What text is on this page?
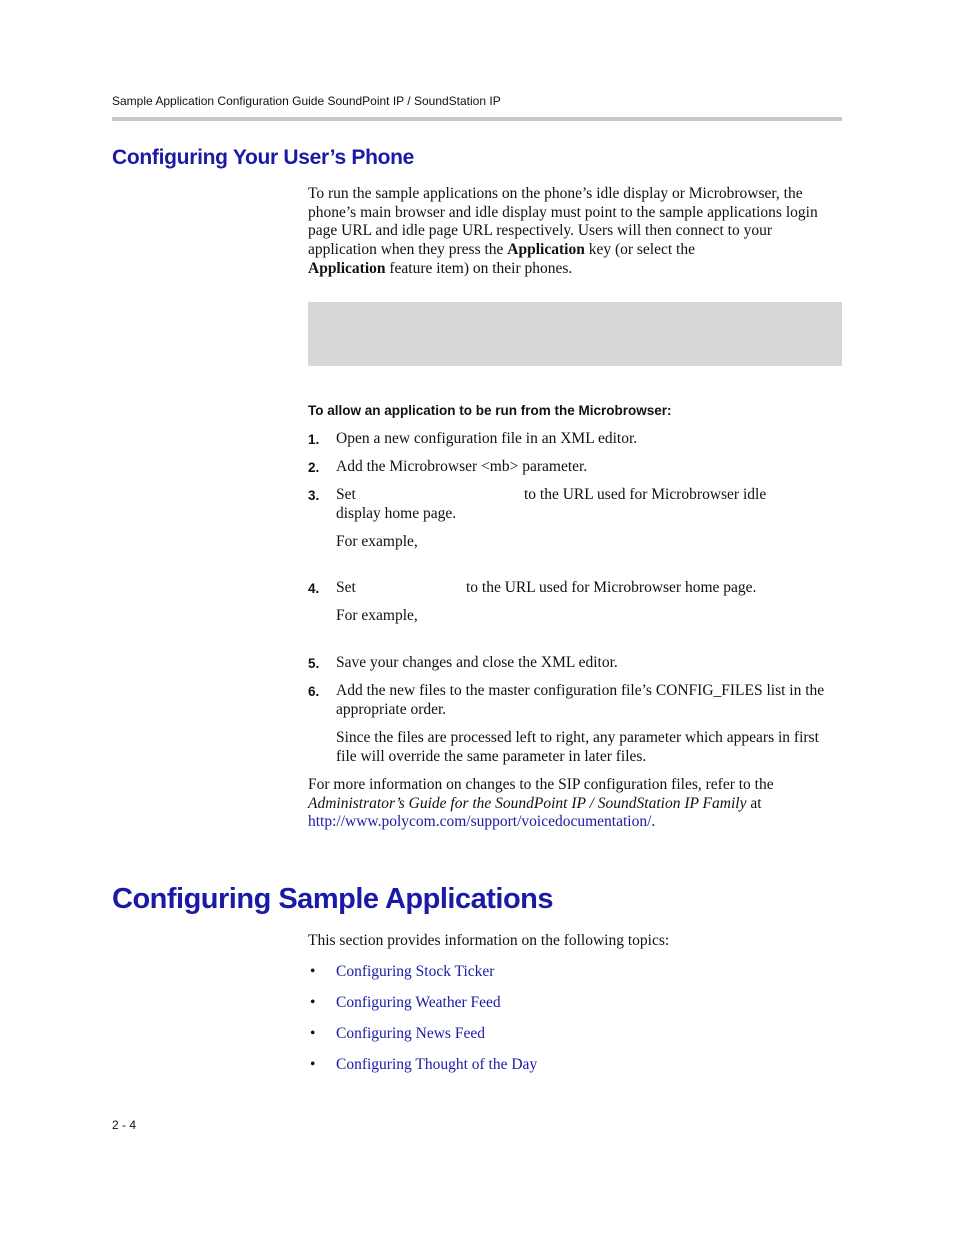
Sample Application Configuration Guide SoundPoint IP / SoundStation IP
Configuring Your User’s Phone
To run the sample applications on the phone’s idle display or Microbrowser, the phone’s main browser and idle display must point to the sample applications login page URL and idle page URL respectively. Users will then connect to your application when they press the Application key (or select the
Application feature item) on their phones.
To allow an application to be run from the Microbrowser:
1. Open a new configuration file in an XML editor.
2. Add the Microbrowser <mb> parameter.
3. Set	to the URL used for Microbrowser idle
display home page.
For example,
4. Set	to the URL used for Microbrowser home page.
For example,
5. Save your changes and close the XML editor.
6. Add the new files to the master configuration file’s CONFIG_FILES list in the appropriate order.
Since the files are processed left to right, any parameter which appears in first file will override the same parameter in later files.
For more information on changes to the SIP configuration files, refer to the
Administrator’s Guide for the SoundPoint IP / SoundStation IP Family at
http://www.polycom.com/support/voicedocumentation/.
Configuring Sample Applications
This section provides information on the following topics:
• Configuring Stock Ticker
• Configuring Weather Feed
• Configuring News Feed
• Configuring Thought of the Day
2 - 4
